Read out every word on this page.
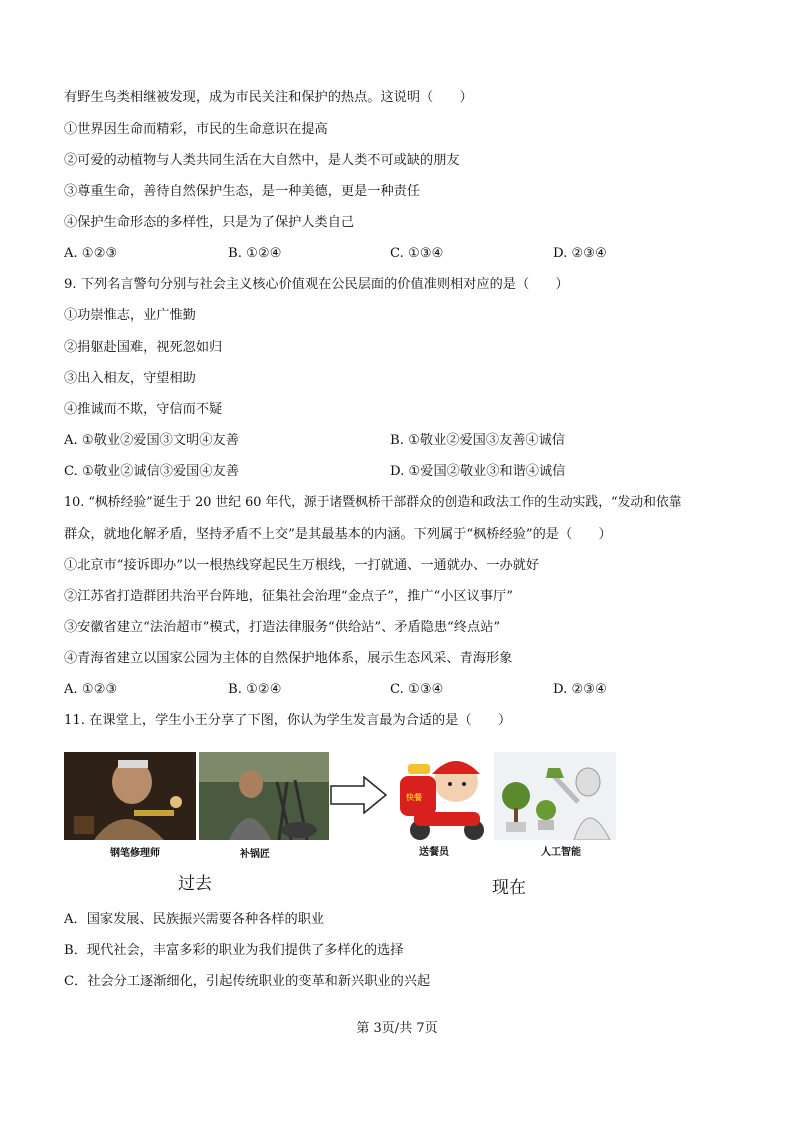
有野生鸟类相继被发现，成为市民关注和保护的热点。这说明（　　）
①世界因生命而精彩，市民的生命意识在提高
②可爱的动植物与人类共同生活在大自然中，是人类不可或缺的朋友
③尊重生命，善待自然保护生态，是一种美德，更是一种责任
④保护生命形态的多样性，只是为了保护人类自己
A. ①②③	B. ①②④	C. ①③④	D. ②③④
9. 下列名言警句分别与社会主义核心价值观在公民层面的价值准则相对应的是（　　）
①功崇惟志，业广惟勤
②捐躯赴国难，视死忽如归
③出入相友，守望相助
④推诚而不欺，守信而不疑
A. ①敬业②爱国③文明④友善	B. ①敬业②爱国③友善④诚信
C. ①敬业②诚信③爱国④友善	D. ①爱国②敬业③和谐④诚信
10. “枫桥经验”诞生于 20 世纪 60 年代，源于诸暨枫桥干部群众的创造和政法工作的生动实践，“发动和依靠
群众，就地化解矛盾，坚持矛盾不上交”是其最基本的内涵。下列属于“枫桥经验”的是（　　）
①北京市“接诉即办”以一根热线穿起民生万根线，一打就通、一通就办、一办就好
②江苏省打造群团共治平台阵地，征集社会治理“金点子”，推广“小区议事厅”
③安徽省建立“法治超市”模式，打造法律服务“供给站”、矛盾隐患“终点站”
④青海省建立以国家公园为主体的自然保护地体系，展示生态风采、青海形象
A. ①②③	B. ①②④	C. ①③④	D. ②③④
11. 在课堂上，学生小王分享了下图，你认为学生发言最为合适的是（　　）
快餐
钢笔修理师	补锅匠	送餐员	人工智能
过去	现在
A．国家发展、民族振兴需要各种各样的职业
B．现代社会，丰富多彩的职业为我们提供了多样化的选择
C．社会分工逐渐细化，引起传统职业的变革和新兴职业的兴起
第 3页/共 7页
